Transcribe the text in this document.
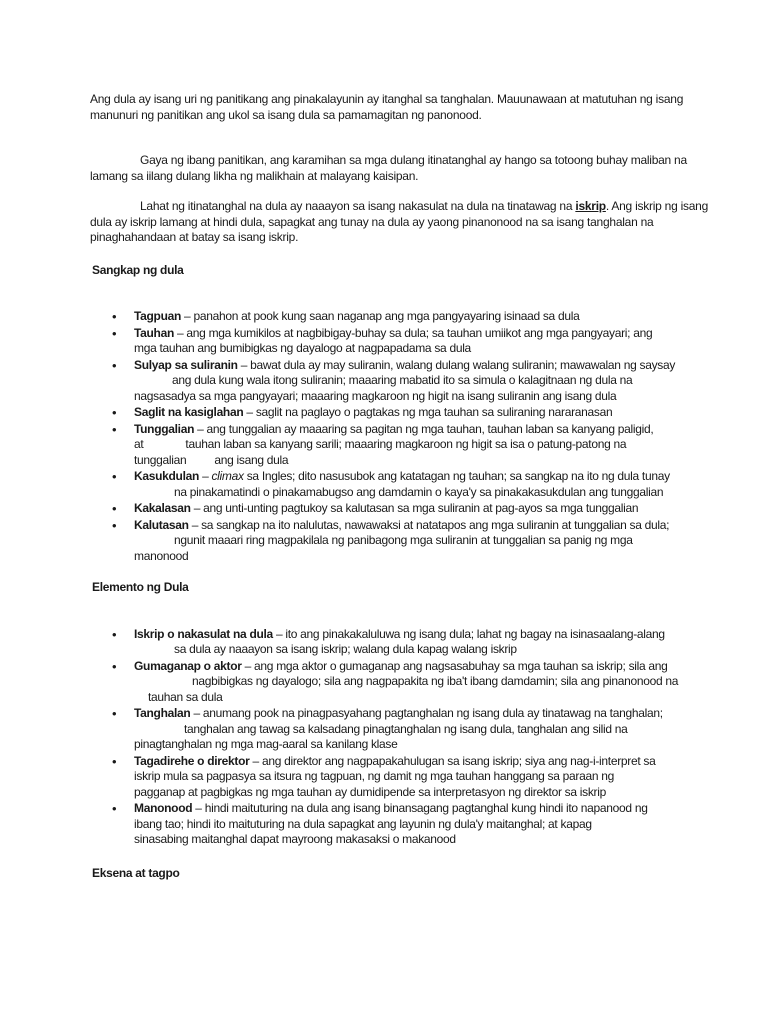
Ang dula ay isang uri ng panitikang ang pinakalayunin ay itanghal sa tanghalan. Mauunawaan at matutuhan ng isang manunuri ng panitikan ang ukol sa isang dula sa pamamagitan ng panonood.

Gaya ng ibang panitikan, ang karamihan sa mga dulang itinatanghal ay hango sa totoong buhay maliban na lamang sa iilang dulang likha ng malikhain at malayang kaisipan.

Lahat ng itinatanghal na dula ay naaayon sa isang nakasulat na dula na tinatawag na iskrip. Ang iskrip ng isang dula ay iskrip lamang at hindi dula, sapagkat ang tunay na dula ay yaong pinanonood na sa isang tanghalan na pinaghahandaan at batay sa isang iskrip.

Sangkap ng dula
• Tagpuan – panahon at pook kung saan naganap ang mga pangyayaring isinaad sa dula
• Tauhan – ang mga kumikilos at nagbibigay-buhay sa dula; sa tauhan umiikot ang mga pangyayari; ang
mga tauhan ang bumibigkas ng dayalogo at nagpapadama sa dula
• Sulyap sa suliranin – bawat dula ay may suliranin, walang dulang walang suliranin; mawawalan ng saysay
ang dula kung wala itong suliranin; maaaring mabatid ito sa simula o kalagitnaan ng dula na
nagsasadya sa mga pangyayari; maaaring magkaroon ng higit na isang suliranin ang isang dula
• Saglit na kasiglahan – saglit na paglayo o pagtakas ng mga tauhan sa suliraning nararanasan
• Tunggalian – ang tunggalian ay maaaring sa pagitan ng mga tauhan, tauhan laban sa kanyang paligid,
at	tauhan laban sa kanyang sarili; maaaring magkaroon ng higit sa isa o patung-patong na
tunggalian ang isang dula
• Kasukdulan – climax sa Ingles; dito nasusubok ang katatagan ng tauhan; sa sangkap na ito ng dula tunay
na pinakamatindi o pinakamabugso ang damdamin o kaya'y sa pinakakasukdulan ang tunggalian
• Kakalasan – ang unti-unting pagtukoy sa kalutasan sa mga suliranin at pag-ayos sa mga tunggalian
• Kalutasan – sa sangkap na ito nalulutas, nawawaksi at natatapos ang mga suliranin at tunggalian sa dula;
ngunit maaari ring magpakilala ng panibagong mga suliranin at tunggalian sa panig ng mga
manonood
Elemento ng Dula
• Iskrip o nakasulat na dula – ito ang pinakakaluluwa ng isang dula; lahat ng bagay na isinasaalang-alang
sa dula ay naaayon sa isang iskrip; walang dula kapag walang iskrip
• Gumaganap o aktor – ang mga aktor o gumaganap ang nagsasabuhay sa mga tauhan sa iskrip; sila ang
nagbibigkas ng dayalogo; sila ang nagpapakita ng iba't ibang damdamin; sila ang pinanonood na
tauhan sa dula
• Tanghalan – anumang pook na pinagpasyahang pagtanghalan ng isang dula ay tinatawag na tanghalan;
tanghalan ang tawag sa kalsadang pinagtanghalan ng isang dula, tanghalan ang silid na
pinagtanghalan ng mga mag-aaral sa kanilang klase
• Tagadirehe o direktor – ang direktor ang nagpapakahulugan sa isang iskrip; siya ang nag-i-interpret sa
iskrip mula sa pagpasya sa itsura ng tagpuan, ng damit ng mga tauhan hanggang sa paraan ng
pagganap at pagbigkas ng mga tauhan ay dumidipende sa interpretasyon ng direktor sa iskrip
• Manonood – hindi maituturing na dula ang isang binansagang pagtanghal kung hindi ito napanood ng
ibang tao; hindi ito maituturing na dula sapagkat ang layunin ng dula'y maitanghal; at kapag
sinasabing maitanghal dapat mayroong makasaksi o makanood
Eksena at tagpo
